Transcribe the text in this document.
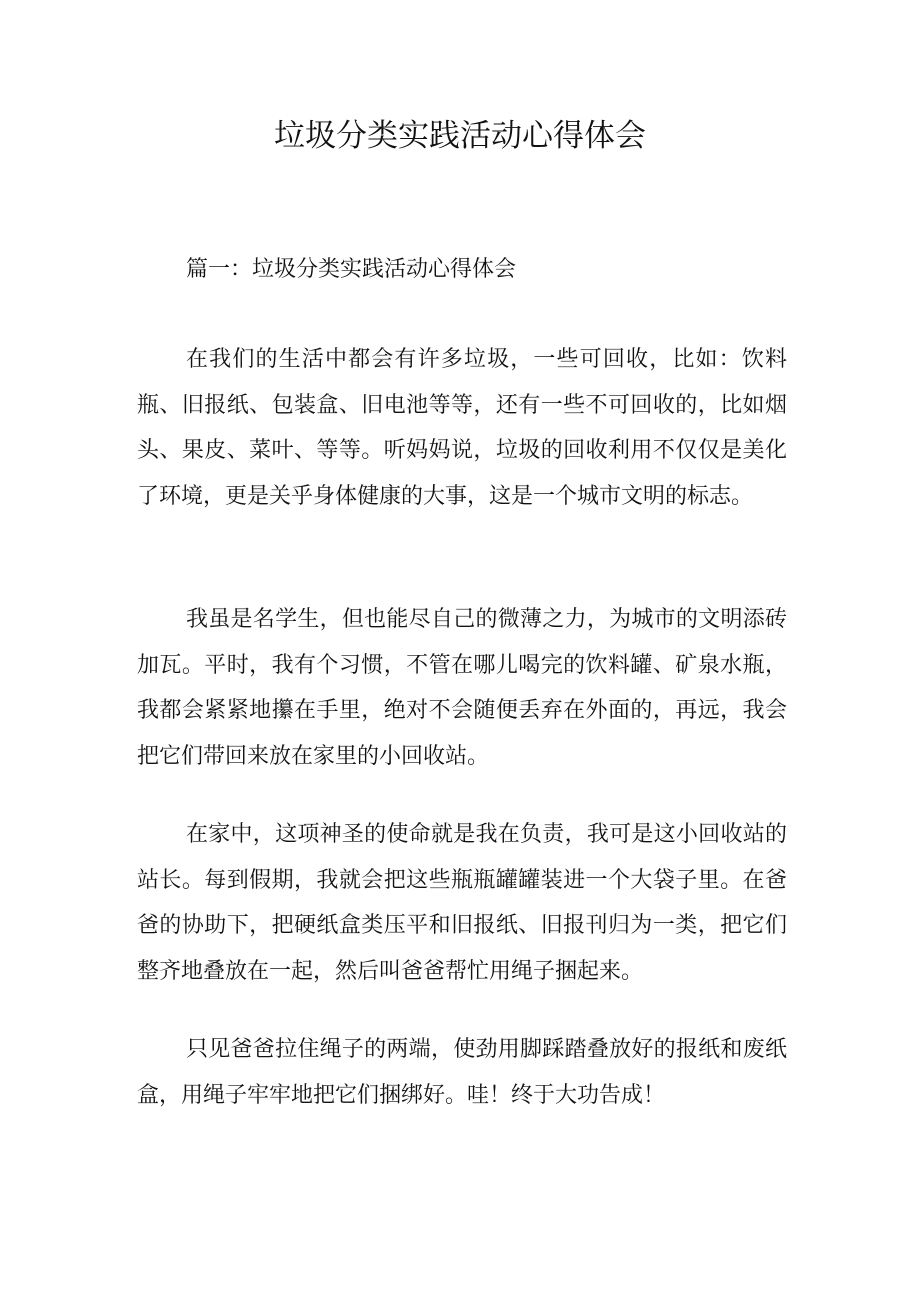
垃圾分类实践活动心得体会

篇一：垃圾分类实践活动心得体会

在我们的生活中都会有许多垃圾，一些可回收，比如：饮料瓶、旧报纸、包装盒、旧电池等等，还有一些不可回收的，比如烟头、果皮、菜叶、等等。听妈妈说，垃圾的回收利用不仅仅是美化了环境，更是关乎身体健康的大事，这是一个城市文明的标志。

我虽是名学生，但也能尽自己的微薄之力，为城市的文明添砖加瓦。平时，我有个习惯，不管在哪儿喝完的饮料罐、矿泉水瓶，我都会紧紧地攥在手里，绝对不会随便丢弃在外面的，再远，我会把它们带回来放在家里的小回收站。

在家中，这项神圣的使命就是我在负责，我可是这小回收站的站长。每到假期，我就会把这些瓶瓶罐罐装进一个大袋子里。在爸爸的协助下，把硬纸盒类压平和旧报纸、旧报刊归为一类，把它们整齐地叠放在一起，然后叫爸爸帮忙用绳子捆起来。

只见爸爸拉住绳子的两端，使劲用脚踩踏叠放好的报纸和废纸盒，用绳子牢牢地把它们捆绑好。哇！终于大功告成！
